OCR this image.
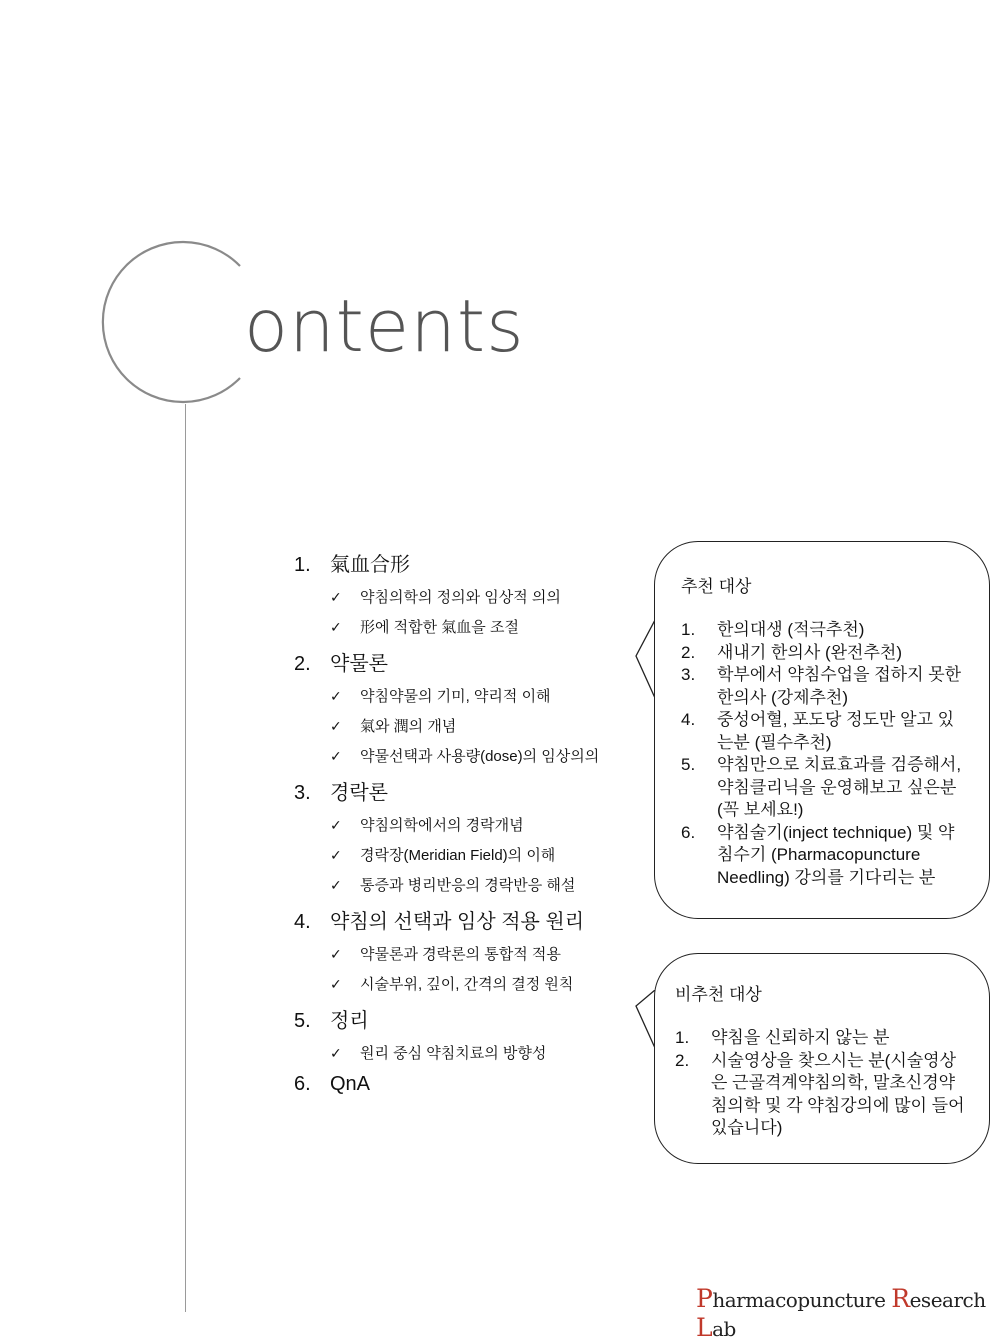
ontents
1. 氣血合形
✓	약침의학의 정의와 임상적 의의
✓	形에 적합한 氣血을 조절
2. 약물론
✓	약침약물의 기미, 약리적 이해
✓	氣와 潤의 개념
✓	약물선택과 사용량(dose)의 임상의의
3. 경락론
✓	약침의학에서의 경락개념
✓	경락장(Meridian Field)의 이해
✓	통증과 병리반응의 경락반응 해설
4. 약침의 선택과 임상 적용 원리
✓	약물론과 경락론의 통합적 적용
✓	시술부위, 깊이, 간격의 결정 원칙
5. 정리
✓	원리 중심 약침치료의 방향성
6. QnA
추천 대상
1.	한의대생 (적극추천)
2.	새내기 한의사 (완전추천)
3.	학부에서 약침수업을 접하지 못한 한의사 (강제추천)
4.	중성어혈, 포도당 정도만 알고 있는분 (필수추천)
5.	약침만으로 치료효과를 검증해서, 약침클리닉을 운영해보고 싶은분 (꼭 보세요!)
6.	약침술기(inject technique) 및 약침수기 (Pharmacopuncture Needling) 강의를 기다리는 분
비추천 대상
1.	약침을 신뢰하지 않는 분
2.	시술영상을 찾으시는 분(시술영상은 근골격계약침의학, 말초신경약침의학 및 각 약침강의에 많이 들어 있습니다)
Pharmacopuncture Research Lab
